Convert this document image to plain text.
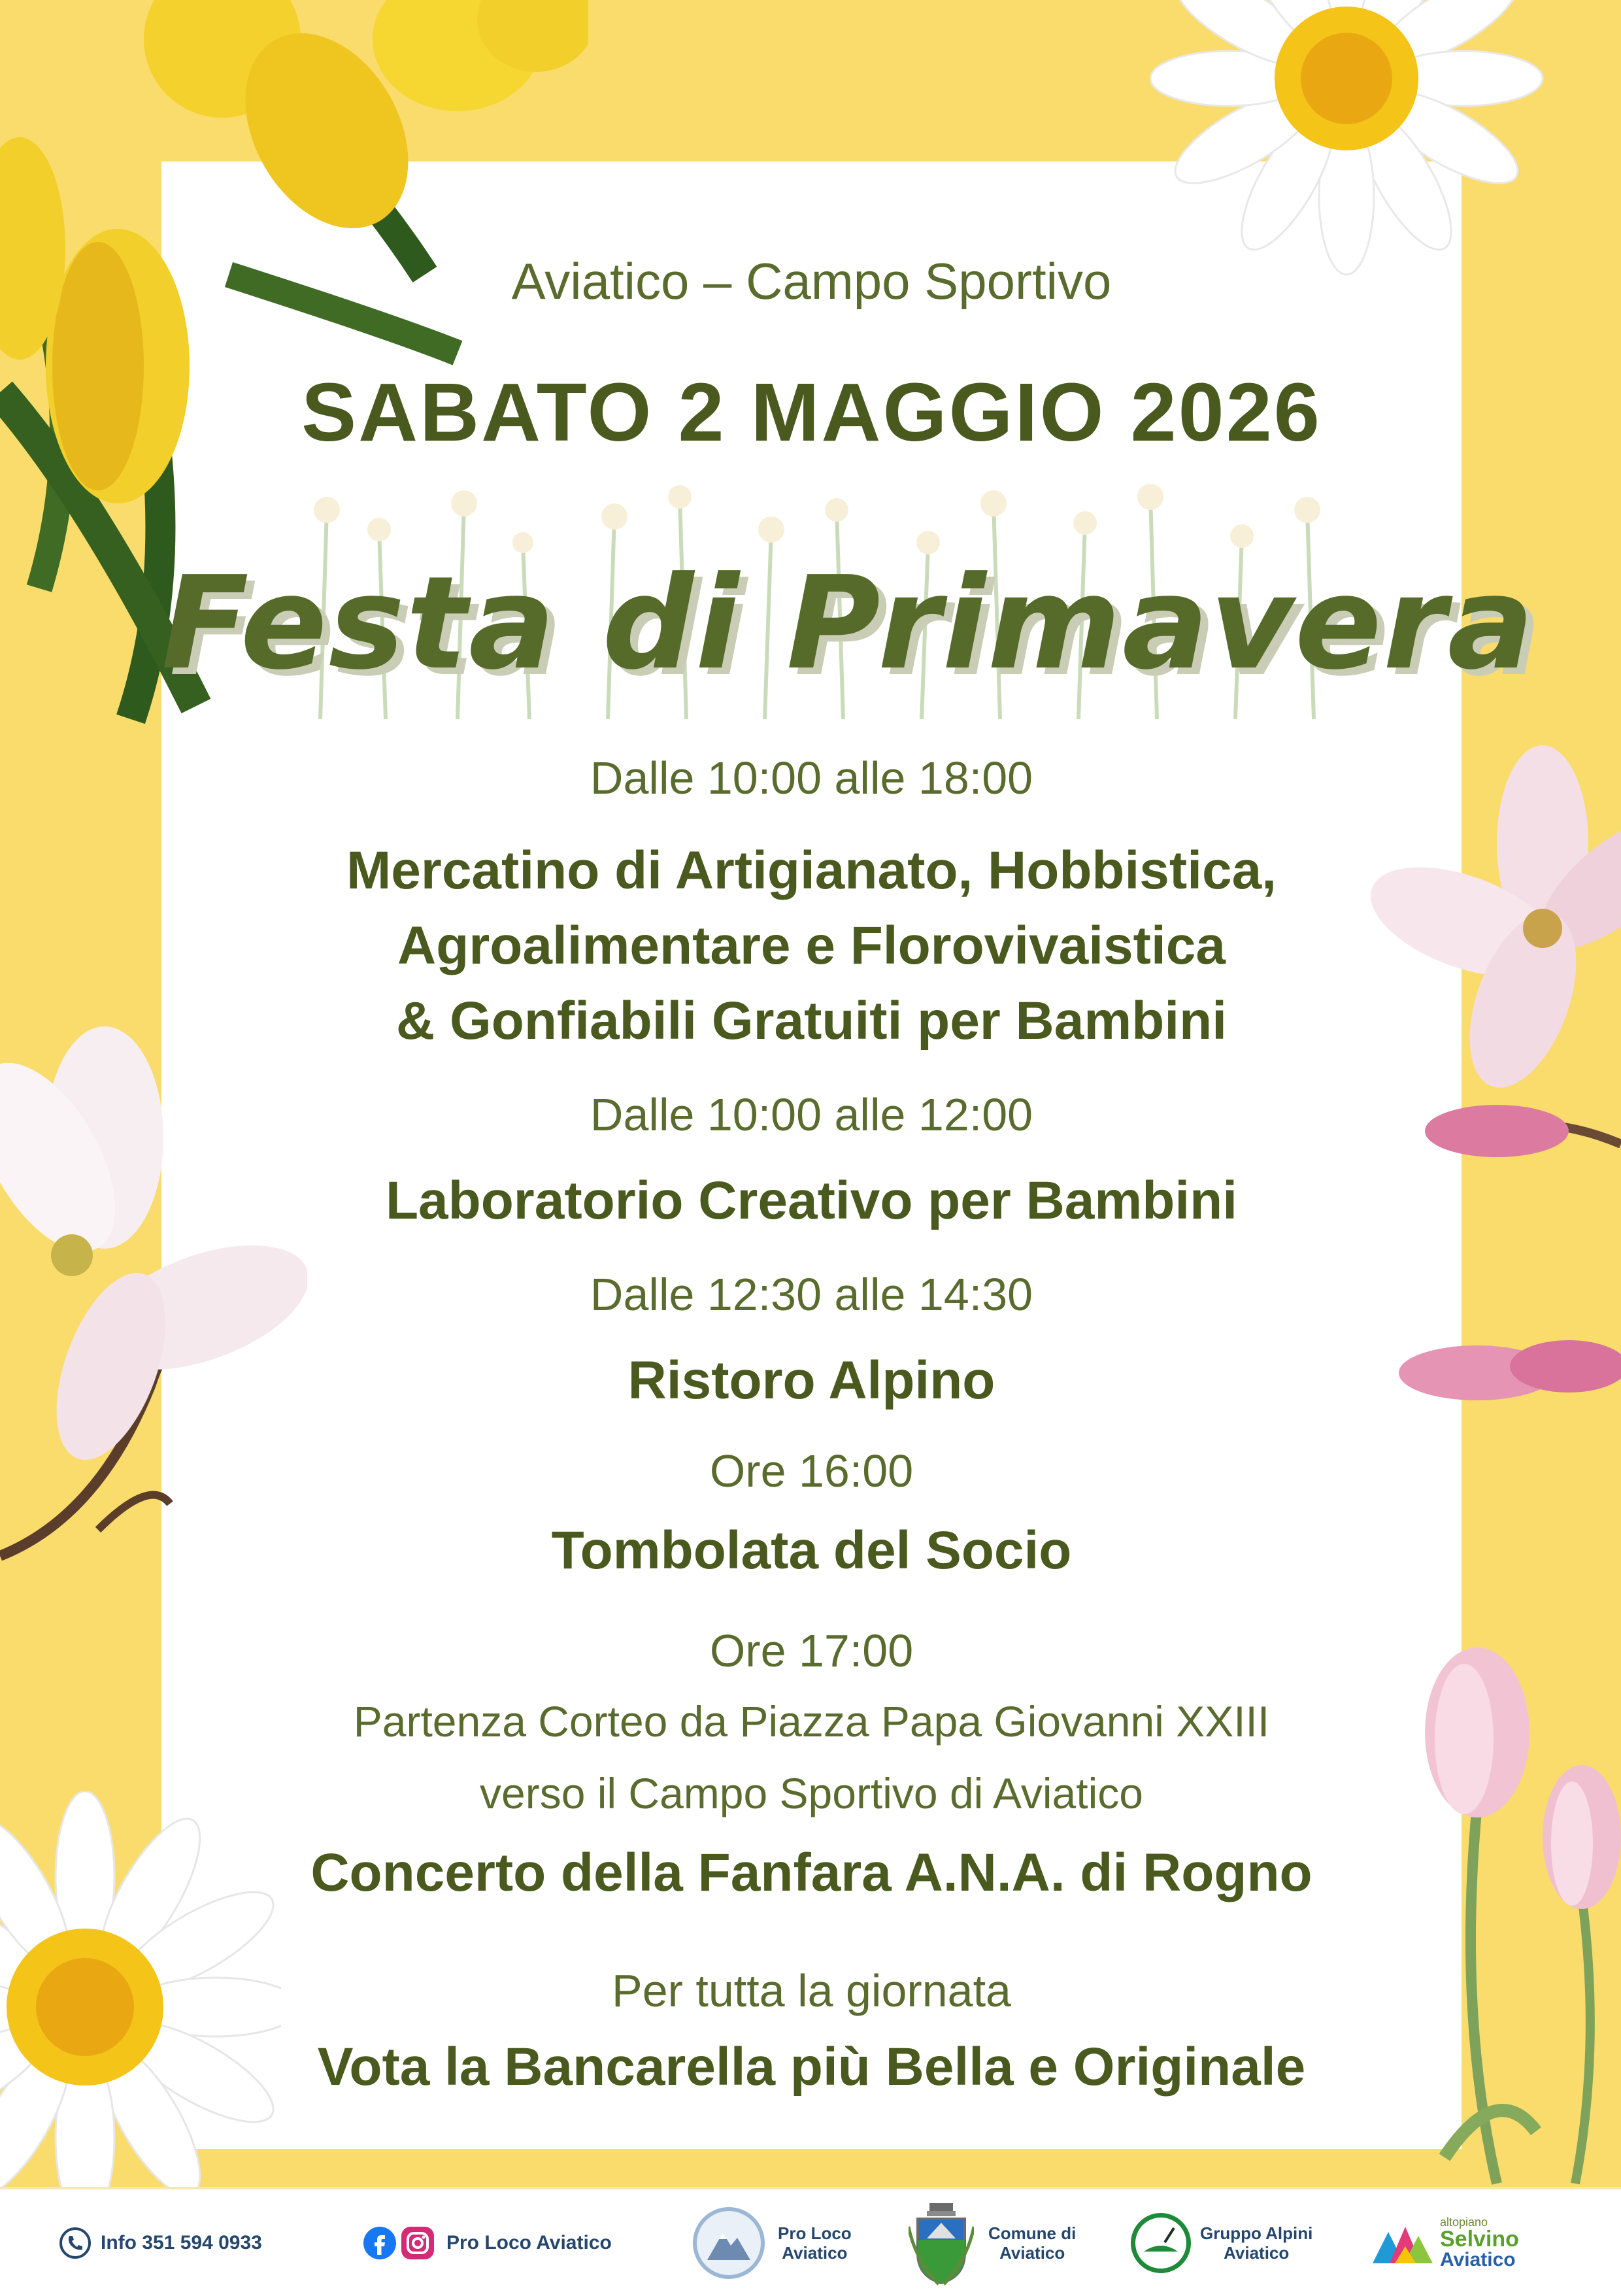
Aviatico – Campo Sportivo
SABATO 2 MAGGIO 2026
Festa di Primavera
Dalle 10:00 alle 18:00
Mercatino di Artigianato, Hobbistica,
Agroalimentare e Florovivaistica
& Gonfiabili Gratuiti per Bambini
Dalle 10:00 alle 12:00
Laboratorio Creativo per Bambini
Dalle 12:30 alle 14:30
Ristoro Alpino
Ore 16:00
Tombolata del Socio
Ore 17:00
Partenza Corteo da Piazza Papa Giovanni XXIII
verso il Campo Sportivo di Aviatico
Concerto della Fanfara A.N.A. di Rogno
Per tutta la giornata
Vota la Bancarella più Bella e Originale
Info 351 594 0933	Pro Loco Aviatico	Pro Loco
Aviatico
Comune di
Aviatico
Gruppo Alpini
Aviatico
altopiano
Selvino
Aviatico
